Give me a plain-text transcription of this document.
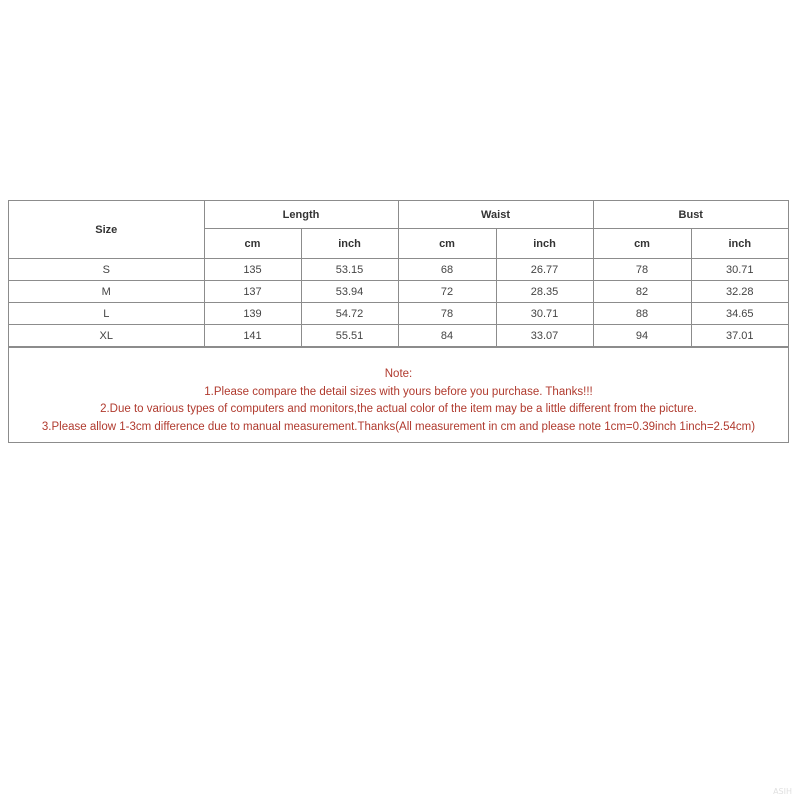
Size	Length		Waist		Bust	
	cm	inch	cm	inch	cm	inch
S	135	53.15	68	26.77	78	30.71
M	137	53.94	72	28.35	82	32.28
L	139	54.72	78	30.71	88	34.65
XL	141	55.51	84	33.07	94	37.01
Note:
1.Please compare the detail sizes with yours before you purchase. Thanks!!!
2.Due to various types of computers and monitors,the actual color of the item may be a little different from the picture.
3.Please allow 1-3cm difference due to manual measurement.Thanks(All measurement in cm and please note 1cm=0.39inch 1inch=2.54cm)
ASIH
